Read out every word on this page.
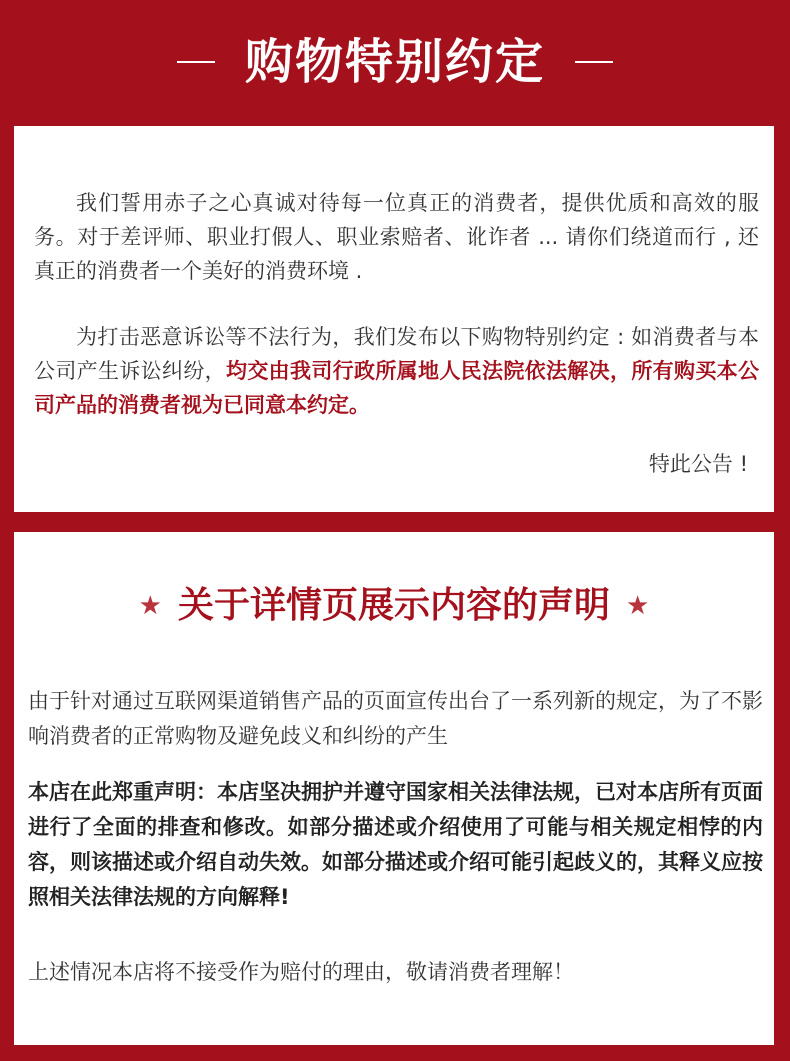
购物特别约定

我们誓用赤子之心真诚对待每一位真正的消费者，提供优质和高效的服务。对于差评师、职业打假人、职业索赔者、讹诈者 ... 请你们绕道而行 , 还真正的消费者一个美好的消费环境 .

为打击恶意诉讼等不法行为，我们发布以下购物特别约定 : 如消费者与本公司产生诉讼纠纷，均交由我司行政所属地人民法院依法解决，所有购买本公司产品的消费者视为已同意本约定。

特此公告 !

★ 关于详情页展示内容的声明 ★

由于针对通过互联网渠道销售产品的页面宣传出台了一系列新的规定，为了不影响消费者的正常购物及避免歧义和纠纷的产生

本店在此郑重声明：本店坚决拥护并遵守国家相关法律法规，已对本店所有页面进行了全面的排查和修改。如部分描述或介绍使用了可能与相关规定相悖的内容，则该描述或介绍自动失效。如部分描述或介绍可能引起歧义的，其释义应按照相关法律法规的方向解释!

上述情况本店将不接受作为赔付的理由，敬请消费者理解！
